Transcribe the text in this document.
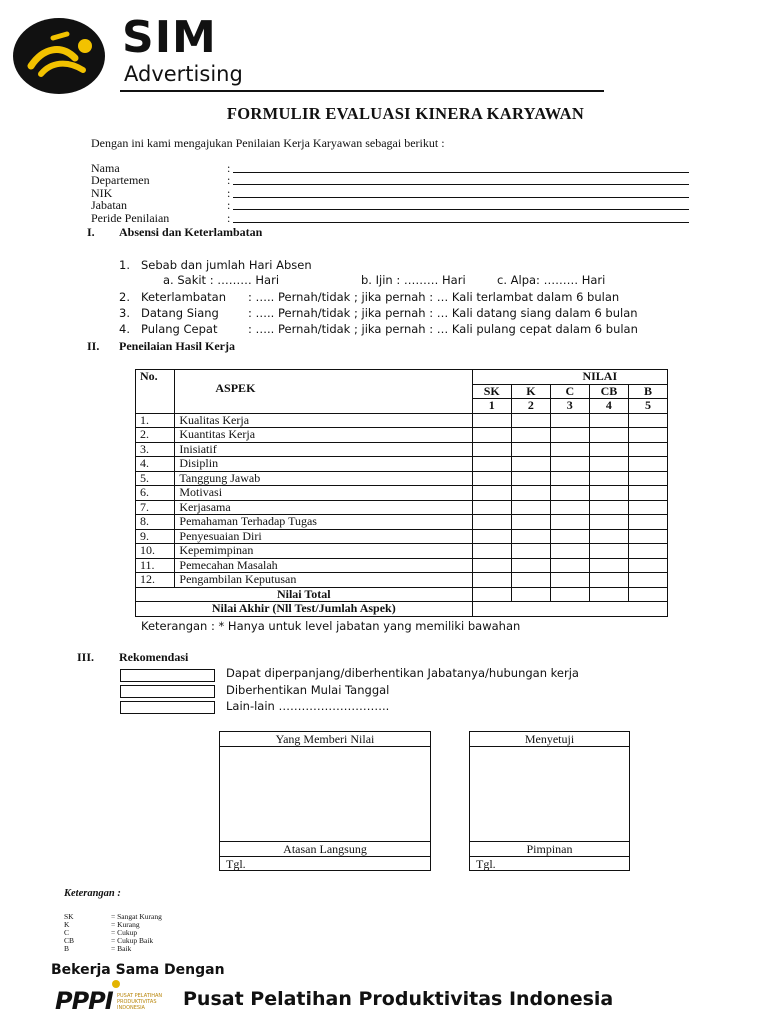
SIM
Advertising
FORMULIR EVALUASI KINERA KARYAWAN
Dengan ini kami mengajukan Penilaian Kerja Karyawan sebagai berikut :
Nama	:
Departemen	:
NIK	:
Jabatan	:
Peride Penilaian	:
I. Absensi dan Keterlambatan
1. Sebab dan jumlah Hari Absen
a. Sakit : ……… Hari	b. Ijin : ……… Hari	c. Alpa: ……… Hari
2. Keterlambatan : ….. Pernah/tidak ; jika pernah : … Kali terlambat dalam 6 bulan
3. Datang Siang	: ….. Pernah/tidak ; jika pernah : … Kali datang siang dalam 6 bulan
4. Pulang Cepat	: ….. Pernah/tidak ; jika pernah : … Kali pulang cepat dalam 6 bulan
II. Peneilaian Hasil Kerja
No.	ASPEK	NILAI				
		SK	K	C	CB	B
		1	2	3	4	5
1.	Kualitas Kerja					
2.	Kuantitas Kerja					
3.	Inisiatif					
4.	Disiplin					
5.	Tanggung Jawab					
6.	Motivasi					
7.	Kerjasama					
8.	Pemahaman Terhadap Tugas					
9.	Penyesuaian Diri					
10.	Kepemimpinan					
11.	Pemecahan Masalah					
12.	Pengambilan Keputusan					
Nilai Total						
Nilai Akhir (Nll Test/Jumlah Aspek)						
Keterangan : * Hanya untuk level jabatan yang memiliki bawahan
III. Rekomendasi
Dapat diperpanjang/diberhentikan Jabatanya/hubungan kerja
Diberhentikan Mulai Tanggal
Lain-lain ………………………..
Yang Memberi Nilai
Atasan Langsung
Tgl.
Menyetuji
Pimpinan
Tgl.
Keterangan :
SK	= Sangat Kurang
K	= Kurang
C	= Cukup
CB	= Cukup Baik
B	= Baik
Bekerja Sama Dengan
PPPI PUSAT PELATIHAN
PRODUKTIVITAS
INDONESIA	Pusat Pelatihan Produktivitas Indonesia
